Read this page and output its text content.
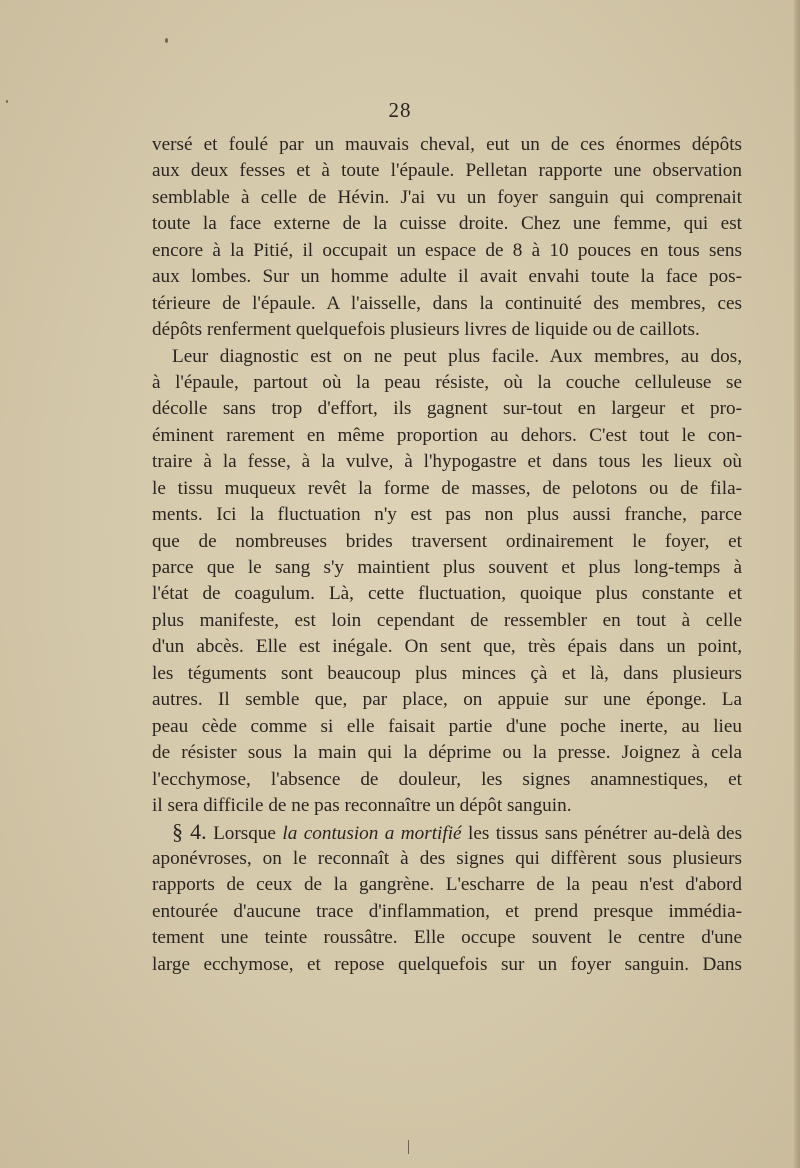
28
versé et foulé par un mauvais cheval, eut un de ces énormes dépôts
aux deux fesses et à toute l'épaule. Pelletan rapporte une observation
semblable à celle de Hévin. J'ai vu un foyer sanguin qui comprenait
toute la face externe de la cuisse droite. Chez une femme, qui est
encore à la Pitié, il occupait un espace de 8 à 10 pouces en tous sens
aux lombes. Sur un homme adulte il avait envahi toute la face pos-
térieure de l'épaule. A l'aisselle, dans la continuité des membres, ces
dépôts renferment quelquefois plusieurs livres de liquide ou de caillots.
Leur diagnostic est on ne peut plus facile. Aux membres, au dos,
à l'épaule, partout où la peau résiste, où la couche celluleuse se
décolle sans trop d'effort, ils gagnent sur-tout en largeur et pro-
éminent rarement en même proportion au dehors. C'est tout le con-
traire à la fesse, à la vulve, à l'hypogastre et dans tous les lieux où
le tissu muqueux revêt la forme de masses, de pelotons ou de fila-
ments. Ici la fluctuation n'y est pas non plus aussi franche, parce
que de nombreuses brides traversent ordinairement le foyer, et
parce que le sang s'y maintient plus souvent et plus long-temps à
l'état de coagulum. Là, cette fluctuation, quoique plus constante et
plus manifeste, est loin cependant de ressembler en tout à celle
d'un abcès. Elle est inégale. On sent que, très épais dans un point,
les téguments sont beaucoup plus minces çà et là, dans plusieurs
autres. Il semble que, par place, on appuie sur une éponge. La
peau cède comme si elle faisait partie d'une poche inerte, au lieu
de résister sous la main qui la déprime ou la presse. Joignez à cela
l'ecchymose, l'absence de douleur, les signes anamnestiques, et
il sera difficile de ne pas reconnaître un dépôt sanguin.
§ 4. Lorsque la contusion a mortifié les tissus sans pénétrer au-delà des
aponévroses, on le reconnaît à des signes qui diffèrent sous plusieurs
rapports de ceux de la gangrène. L'escharre de la peau n'est d'abord
entourée d'aucune trace d'inflammation, et prend presque immédia-
tement une teinte roussâtre. Elle occupe souvent le centre d'une
large ecchymose, et repose quelquefois sur un foyer sanguin. Dans
